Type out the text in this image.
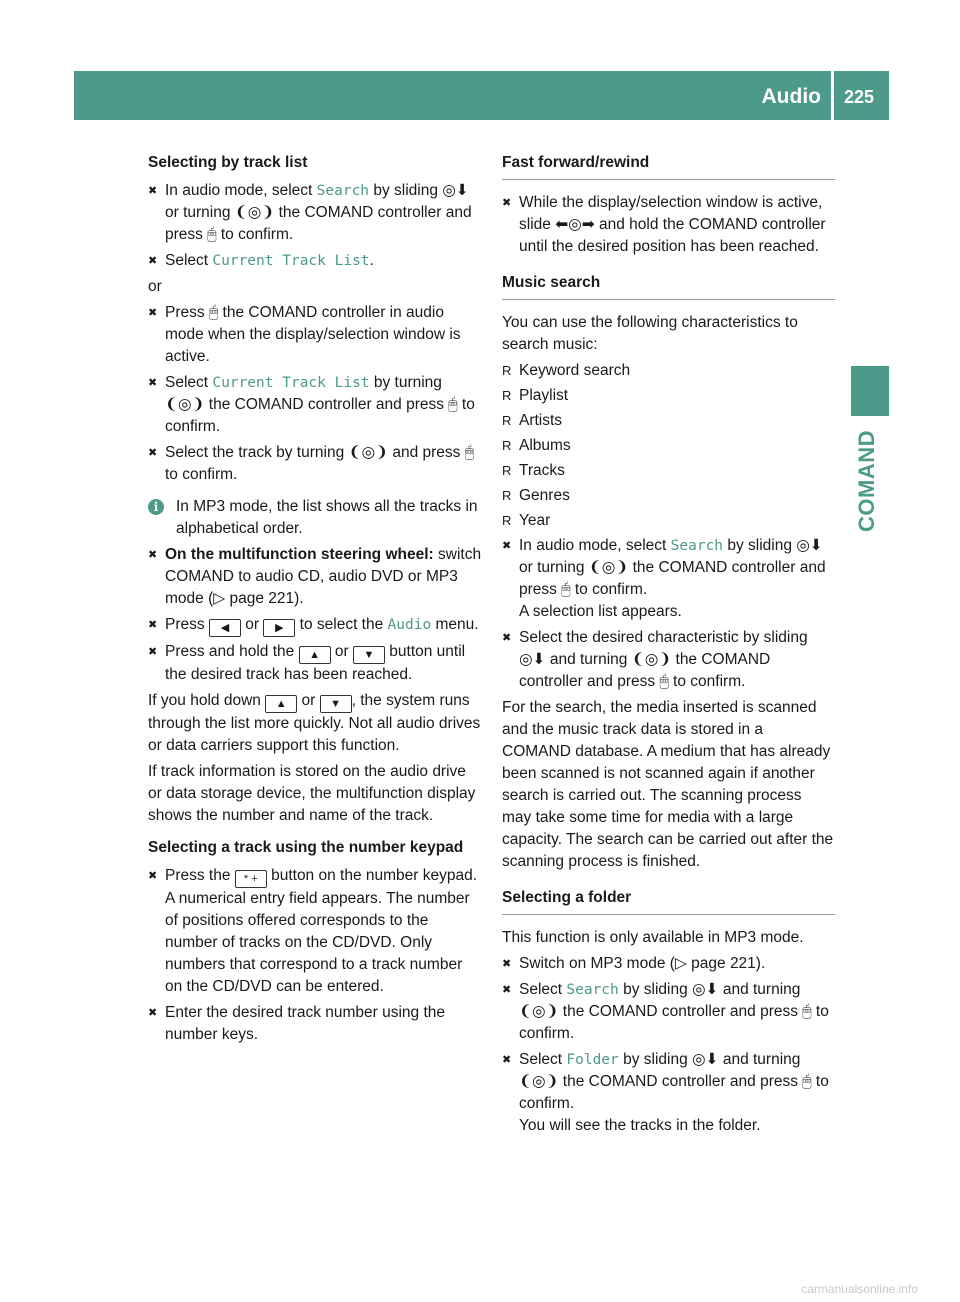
Audio 225
COMAND
Selecting by track list
✖ In audio mode, select Search by sliding ◎⬇ or turning ❨◎❩ the COMAND controller and press 🖱 to confirm.
✖ Select Current Track List.
or
✖ Press 🖱 the COMAND controller in audio mode when the display/selection window is active.
✖ Select Current Track List by turning ❨◎❩ the COMAND controller and press 🖱 to confirm.
✖ Select the track by turning ❨◎❩ and press 🖱 to confirm.
i	In MP3 mode, the list shows all the tracks in alphabetical order.
✖ On the multifunction steering wheel: switch COMAND to audio CD, audio DVD or MP3 mode (▷ page 221).
✖ Press ◀ or ▶ to select the Audio menu.
✖ Press and hold the ▲ or ▼ button until the desired track has been reached.
If you hold down ▲ or ▼ , the system runs through the list more quickly. Not all audio drives or data carriers support this function.
If track information is stored on the audio drive or data storage device, the multifunction display shows the number and name of the track.
Selecting a track using the number keypad
✖ Press the * + button on the number keypad.
A numerical entry field appears. The number of positions offered corresponds to the number of tracks on the CD/DVD. Only numbers that correspond to a track number on the CD/DVD can be entered.
✖ Enter the desired track number using the number keys.
Fast forward/rewind
✖ While the display/selection window is active, slide ⬅◎➡ and hold the COMAND controller until the desired position has been reached.
Music search
You can use the following characteristics to search music:
R Keyword search
R Playlist
R Artists
R Albums
R Tracks
R Genres
R Year
✖ In audio mode, select Search by sliding ◎⬇ or turning ❨◎❩ the COMAND controller and press 🖱 to confirm.
A selection list appears.
✖ Select the desired characteristic by sliding ◎⬇ and turning ❨◎❩ the COMAND controller and press 🖱 to confirm.
For the search, the media inserted is scanned and the music track data is stored in a COMAND database. A medium that has already been scanned is not scanned again if another search is carried out. The scanning process may take some time for media with a large capacity. The search can be carried out after the scanning process is finished.
Selecting a folder
This function is only available in MP3 mode.
✖ Switch on MP3 mode (▷ page 221).
✖ Select Search by sliding ◎⬇ and turning ❨◎❩ the COMAND controller and press 🖱 to confirm.
✖ Select Folder by sliding ◎⬇ and turning ❨◎❩ the COMAND controller and press 🖱 to confirm.
You will see the tracks in the folder.
carmanualsonline.info
